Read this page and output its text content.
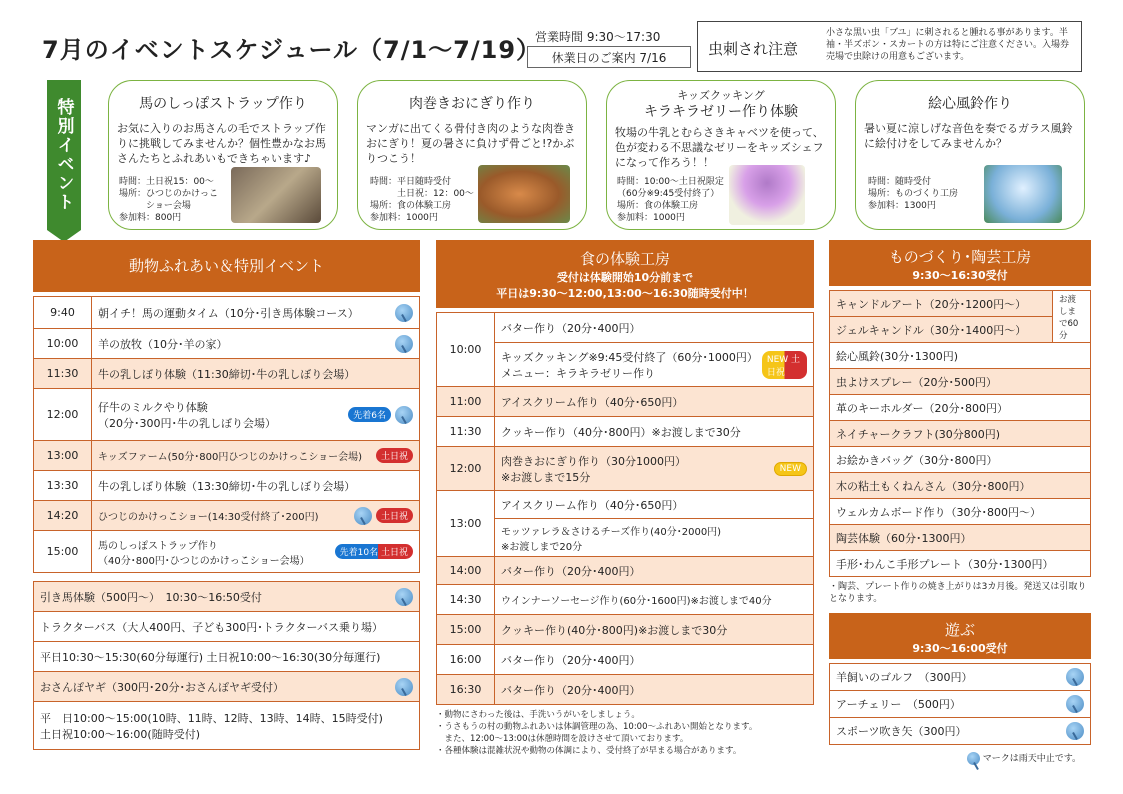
7月のイベントスケジュール（7/1〜7/19）
営業時間 9:30〜17:30
休業日のご案内 7/16	虫刺され注意
小さな黒い虫「ブユ」に刺されると腫れる事があります。半袖・半ズボン・スカートの方は特にご注意ください。入場券売場で虫除けの用意もございます。
特別イベント	馬のしっぽストラップ作り
お気に入りのお馬さんの毛でストラップ作りに挑戦してみませんか？個性豊かなお馬さんたちとふれあいもできちゃいます♪
時間：土日祝15：00〜
場所：ひつじのかけっこ
　　　ショー会場
参加料：800円
肉巻きおにぎり作り
マンガに出てくる骨付き肉のような肉巻きおにぎり！夏の暑さに負けず骨ごと!?かぶりつこう！
時間：平日随時受付
　　　土日祝：12：00〜
場所：食の体験工房
参加料：1000円
キッズクッキング
キラキラゼリー作り体験
牧場の牛乳とむらさきキャベツを使って、色が変わる不思議なゼリーをキッズシェフになって作ろう！！
時間：10:00〜土日祝限定
（60分※9:45受付終了）
場所：食の体験工房
参加料：1000円
絵心風鈴作り
暑い夏に涼しげな音色を奏でるガラス風鈴に絵付けをしてみませんか？
時間：随時受付
場所：ものづくり工房
参加料：1300円
動物ふれあい＆特別イベント
9:40	朝イチ！馬の運動タイム（10分･引き馬体験コース）

10:00	羊の放牧（10分･羊の家）

11:30	牛の乳しぼり体験（11:30締切･牛の乳しぼり会場）
12:00	仔牛のミルクやり体験
（20分･300円･牛の乳しぼり会場）
先着6名

13:00	キッズファーム(50分･800円ひつじのかけっこショー会場) 土日祝

13:30	牛の乳しぼり体験（13:30締切･牛の乳しぼり会場）
14:20	ひつじのかけっこショー(14:30受付終了･200円) 土日祝

15:00	馬のしっぽストラップ作り
（40分･800円･ひつじのかけっこショー会場）
先着10名 土日祝
引き馬体験（500円〜）　10:30〜16:50受付

トラクターバス（大人400円、子ども300円･トラクターバス乗り場）
平日10:30〜15:30(60分毎運行) 土日祝10:00〜16:30(30分毎運行)

おさんぽヤギ（300円･20分･おさんぽヤギ受付）

平　日10:00〜15:00(10時、11時、12時、13時、14時、15時受付)
土日祝10:00〜16:00(随時受付)
食の体験工房
受付は体験開始10分前まで
平日は9:30〜12:00,13:00〜16:30随時受付中！
10:00	バター作り（20分･400円）

	キッズクッキング※9:45受付終了（60分･1000円）
メニュー：キラキラゼリー作り
NEW 土日祝

11:00	アイスクリーム作り（40分･650円）
11:30	クッキー作り（40分･800円）※お渡しまで30分
12:00	肉巻きおにぎり作り（30分1000円）
※お渡しまで15分
NEW

13:00	アイスクリーム作り（40分･650円）
	モッツァレラ＆さけるチーズ作り(40分･2000円)
※お渡しまで20分
14:00	バター作り（20分･400円）
14:30	ウインナーソーセージ作り(60分･1600円)※お渡しまで40分
15:00	クッキー作り(40分･800円)※お渡しまで30分
16:00	バター作り（20分･400円）
16:30	バター作り（20分･400円）
・動物にさわった後は、手洗いうがいをしましょう。
・うさもうの村の動物ふれあいは体調管理の為、10:00〜ふれあい開始となります。
　また、12:00〜13:00は休憩時間を設けさせて頂いております。
・各種体験は混雑状況や動物の体調により、受付終了が早まる場合があります。
ものづくり･陶芸工房
9:30〜16:30受付
キャンドルアート（20分･1200円〜）	お渡しまで60分
ジェルキャンドル（30分･1400円〜）
絵心風鈴(30分･1300円)
虫よけスプレー（20分･500円）
革のキーホルダー（20分･800円）
ネイチャークラフト(30分800円)
お絵かきバッグ（30分･800円）
木の粘土もくねんさん（30分･800円）
ウェルカムボード作り（30分･800円〜）
陶芸体験（60分･1300円）
手形･わんこ手形プレート（30分･1300円）
・陶芸、プレート作りの焼き上がりは3カ月後。発送又は引取りとなります。
遊ぶ
9:30〜16:00受付
羊飼いのゴルフ　（300円）

アーチェリー　（500円）

スポーツ吹き矢（300円）
マークは雨天中止です。
